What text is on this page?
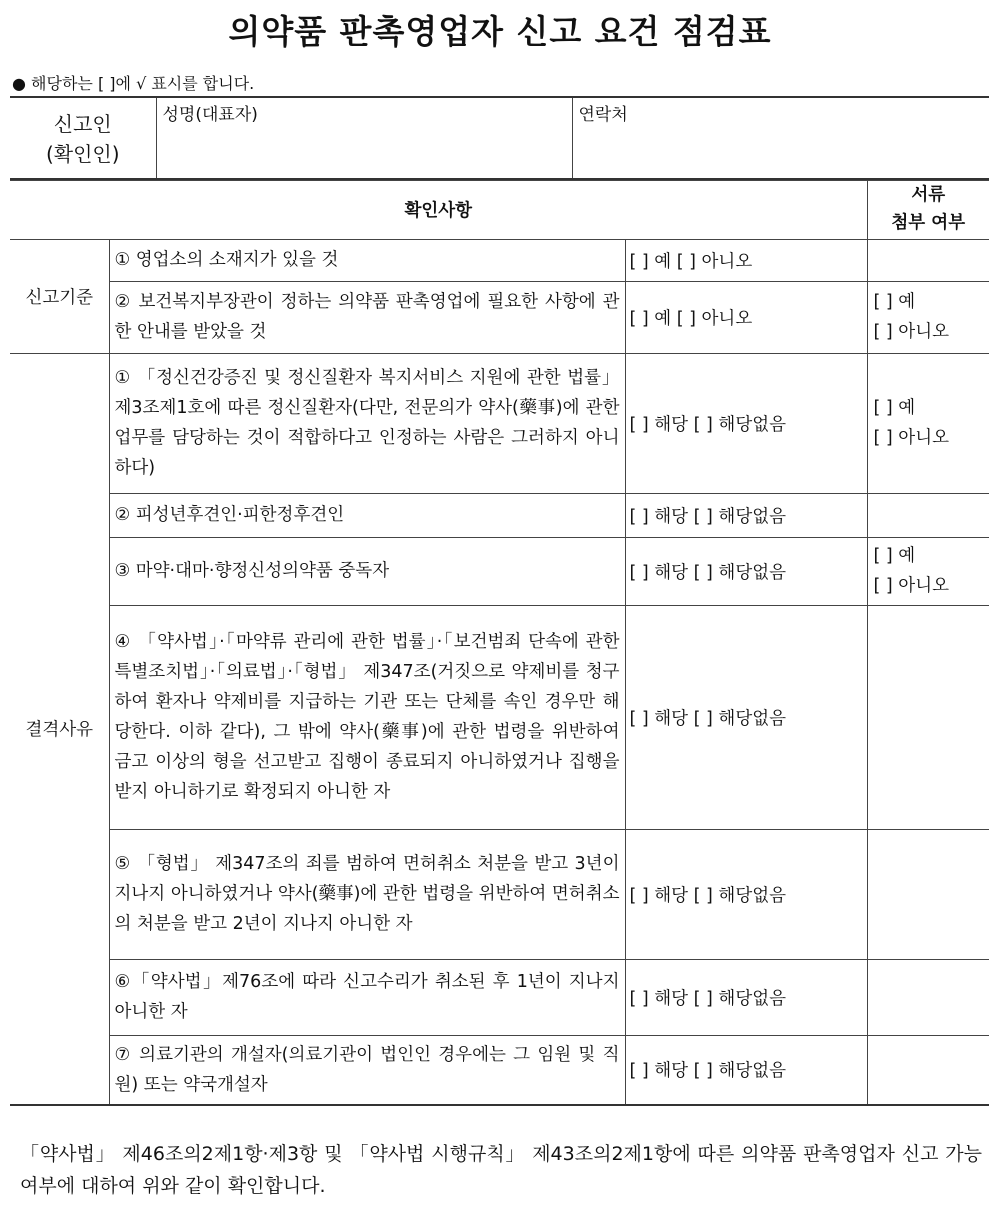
의약품 판촉영업자 신고 요건 점검표
● 해당하는 [ ]에 √ 표시를 합니다.
신고인
(확인인)
	성명(대표자)	연락처
확인사항			서류
첨부 여부

신고기준	① 영업소의 소재지가 있을 것	[ ] 예 [ ] 아니오	
	② 보건복지부장관이 정하는 의약품 판촉영업에 필요한 사항에 관한 안내를 받았을 것	[ ] 예 [ ] 아니오	[ ] 예
[ ] 아니오

결격사유	① 「정신건강증진 및 정신질환자 복지서비스 지원에 관한 법률」 제3조제1호에 따른 정신질환자(다만, 전문의가 약사(藥事)에 관한 업무를 담당하는 것이 적합하다고 인정하는 사람은 그러하지 아니하다)	[ ] 해당 [ ] 해당없음	[ ] 예
[ ] 아니오

	② 피성년후견인·피한정후견인	[ ] 해당 [ ] 해당없음	
	③ 마약·대마·향정신성의약품 중독자	[ ] 해당 [ ] 해당없음	[ ] 예
[ ] 아니오

	④ 「약사법」·「마약류 관리에 관한 법률」·「보건범죄 단속에 관한 특별조치법」·「의료법」·「형법」 제347조(거짓으로 약제비를 청구하여 환자나 약제비를 지급하는 기관 또는 단체를 속인 경우만 해당한다. 이하 같다), 그 밖에 약사(藥事)에 관한 법령을 위반하여 금고 이상의 형을 선고받고 집행이 종료되지 아니하였거나 집행을 받지 아니하기로 확정되지 아니한 자	[ ] 해당 [ ] 해당없음	
	⑤ 「형법」 제347조의 죄를 범하여 면허취소 처분을 받고 3년이 지나지 아니하였거나 약사(藥事)에 관한 법령을 위반하여 면허취소의 처분을 받고 2년이 지나지 아니한 자	[ ] 해당 [ ] 해당없음	
	⑥「약사법」제76조에 따라 신고수리가 취소된 후 1년이 지나지 아니한 자	[ ] 해당 [ ] 해당없음	
	⑦ 의료기관의 개설자(의료기관이 법인인 경우에는 그 임원 및 직원) 또는 약국개설자	[ ] 해당 [ ] 해당없음	
「약사법」 제46조의2제1항·제3항 및 「약사법 시행규칙」 제43조의2제1항에 따른 의약품 판촉영업자 신고 가능 여부에 대하여 위와 같이 확인합니다.
